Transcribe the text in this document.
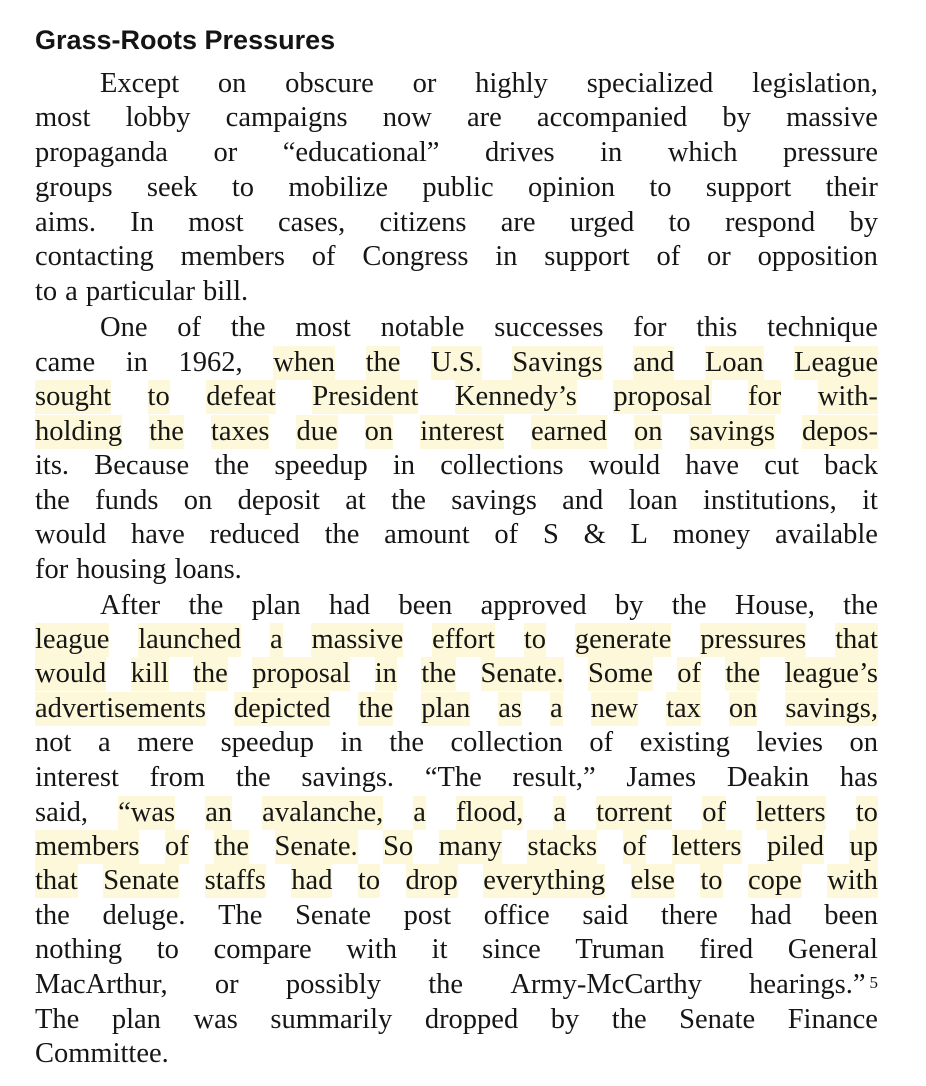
Grass-Roots Pressures
Except on obscure or highly specialized legislation,
most lobby campaigns now are accompanied by massive
propaganda or “educational” drives in which pressure
groups seek to mobilize public opinion to support their
aims. In most cases, citizens are urged to respond by
contacting members of Congress in support of or opposition
to a particular bill.
One of the most notable successes for this technique
came in 1962, when the U.S. Savings and Loan League
sought to defeat President Kennedy’s proposal for with-
holding the taxes due on interest earned on savings depos-
its. Because the speedup in collections would have cut back
the funds on deposit at the savings and loan institutions, it
would have reduced the amount of S & L money available
for housing loans.
After the plan had been approved by the House, the
league launched a massive effort to generate pressures that
would kill the proposal in the Senate. Some of the league’s
advertisements depicted the plan as a new tax on savings,
not a mere speedup in the collection of existing levies on
interest from the savings. “The result,” James Deakin has
said, “was an avalanche, a flood, a torrent of letters to
members of the Senate. So many stacks of letters piled up
that Senate staffs had to drop everything else to cope with
the deluge. The Senate post office said there had been
nothing to compare with it since Truman fired General
MacArthur, or possibly the Army-McCarthy hearings.” $^5$
The plan was summarily dropped by the Senate Finance
Committee.
